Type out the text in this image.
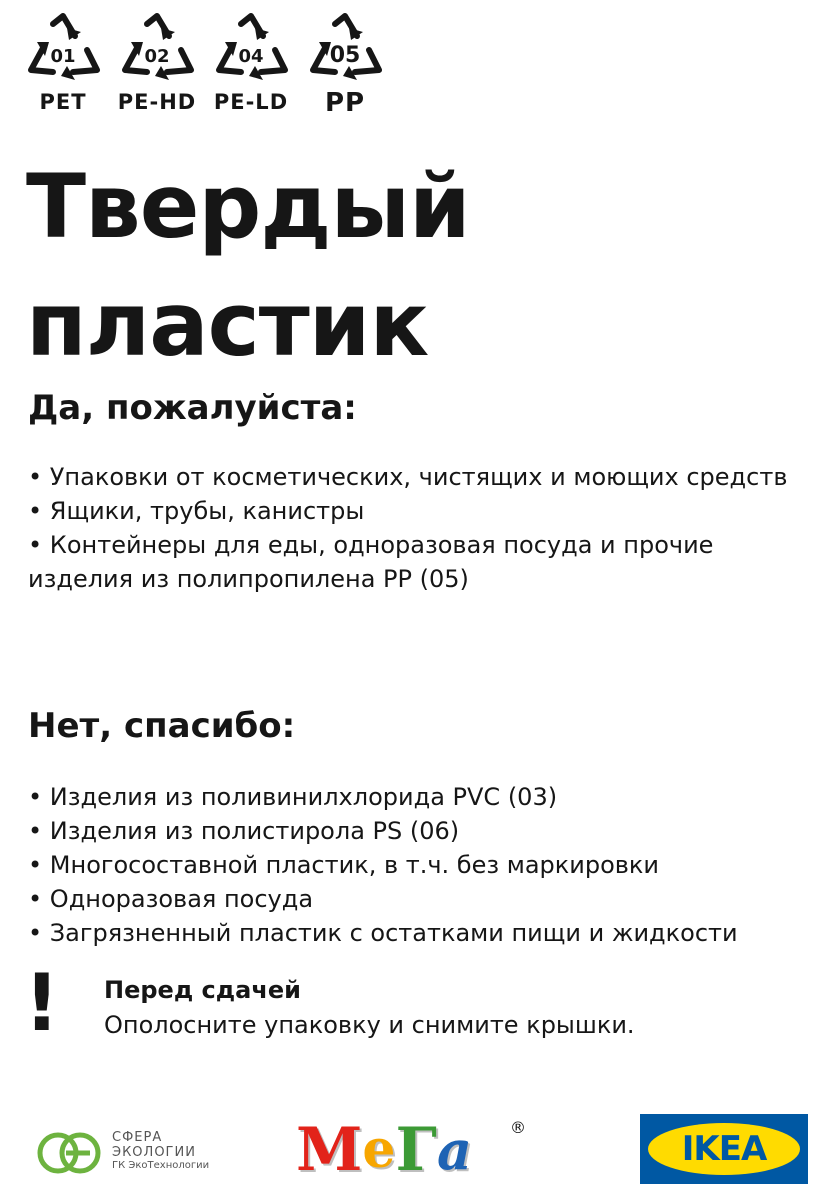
01
PET
02
PE-HD
04
PE-LD
05
PP
Твердый
пластик
Да, пожалуйста:
• Упаковки от косметических, чистящих и моющих средств
• Ящики, трубы, канистры
• Контейнеры для еды, одноразовая посуда и прочие изделия из полипропилена PP (05)
Нет, спасибо:
• Изделия из поливинилхлорида PVC (03)
• Изделия из полистирола PS (06)
• Многосоставной пластик, в т.ч. без маркировки
• Одноразовая посуда
• Загрязненный пластик с остатками пищи и жидкости
! Перед сдачей
Ополосните упаковку и снимите крышки.
СФЕРА
ЭКОЛОГИИ
ГК ЭкоТехнологии M e Г a ®
IKEA
